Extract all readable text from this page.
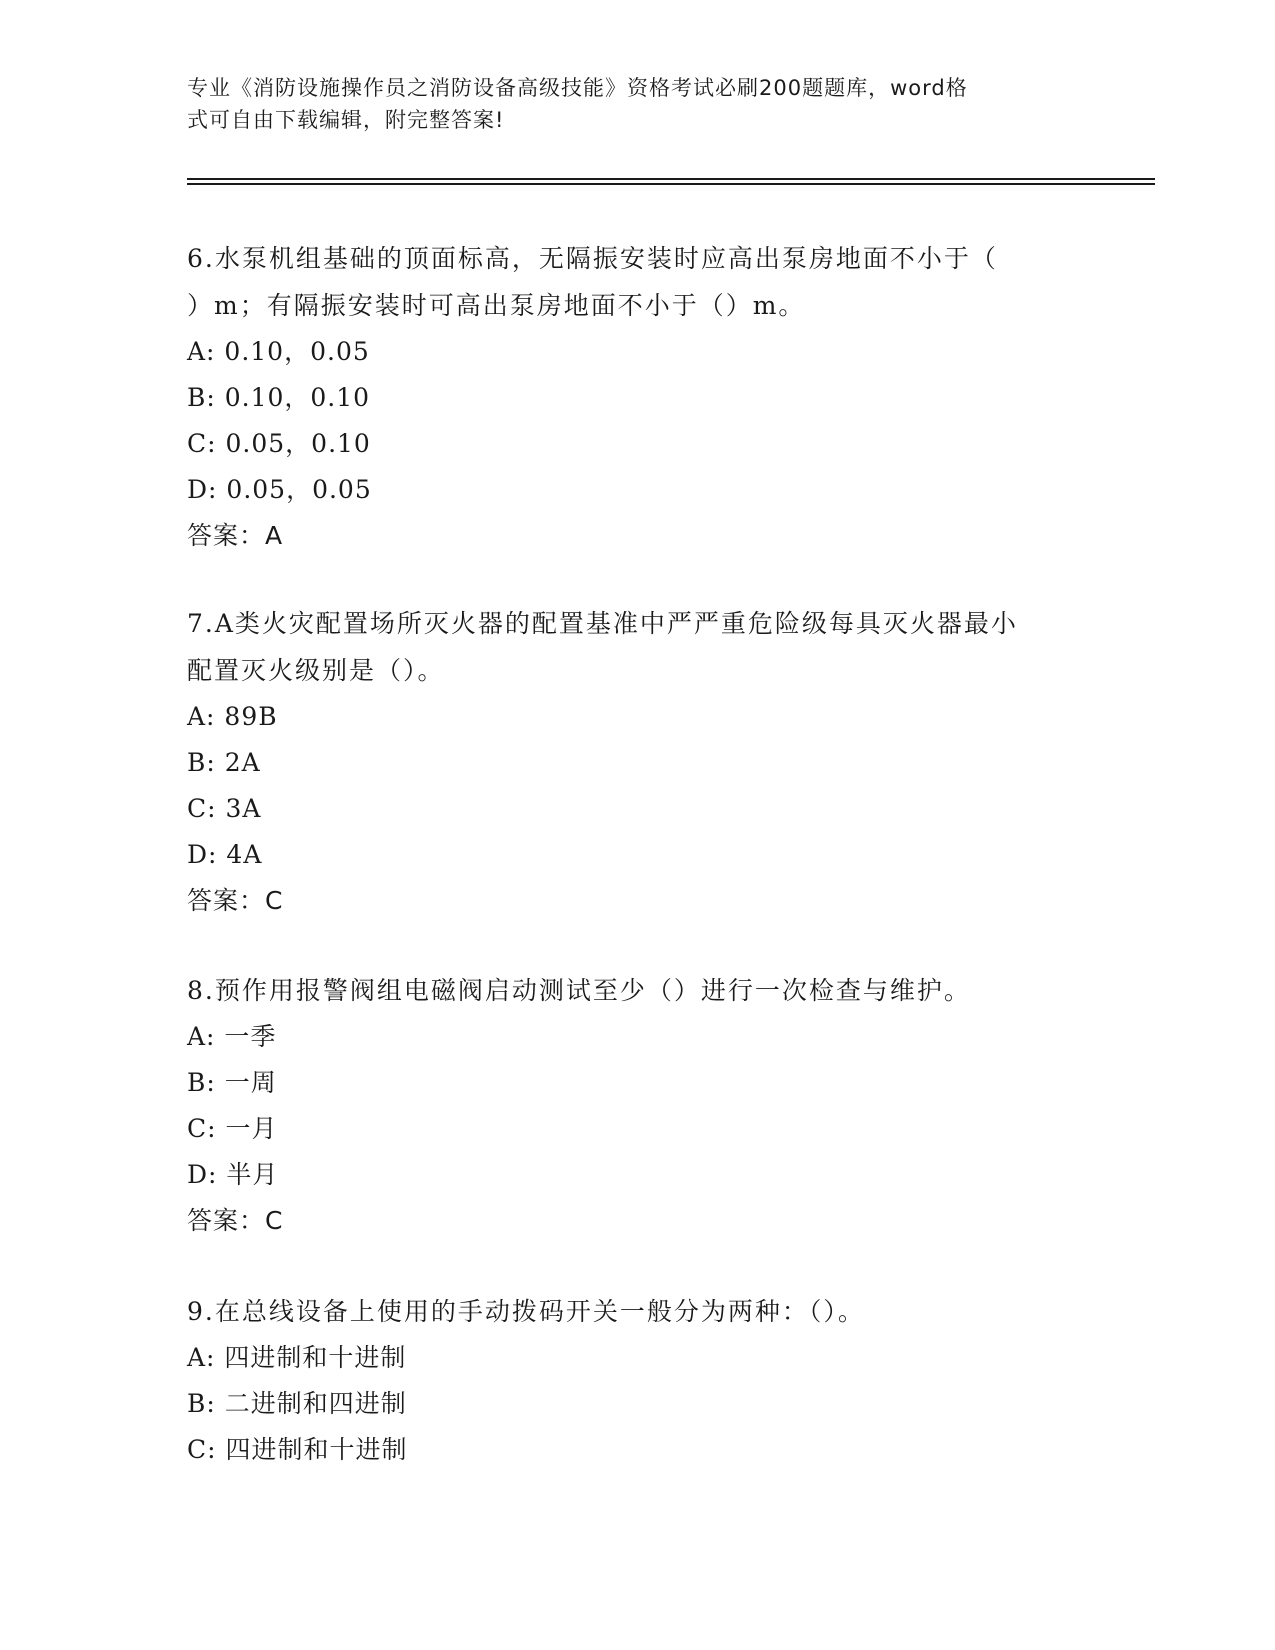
专业《消防设施操作员之消防设备高级技能》资格考试必刷200题题库，word格
式可自由下载编辑，附完整答案!
6.水泵机组基础的顶面标高，无隔振安装时应高出泵房地面不小于（
）m；有隔振安装时可高出泵房地面不小于（）m。
A: 0.10，0.05
B: 0.10，0.10
C: 0.05，0.10
D: 0.05，0.05
答案：A
7.A类火灾配置场所灭火器的配置基准中严严重危险级每具灭火器最小
配置灭火级别是（）。
A: 89B
B: 2A
C: 3A
D: 4A
答案：C
8.预作用报警阀组电磁阀启动测试至少（）进行一次检查与维护。
A: 一季
B: 一周
C: 一月
D: 半月
答案：C
9.在总线设备上使用的手动拨码开关一般分为两种：（）。
A: 四进制和十进制
B: 二进制和四进制
C: 四进制和十进制
